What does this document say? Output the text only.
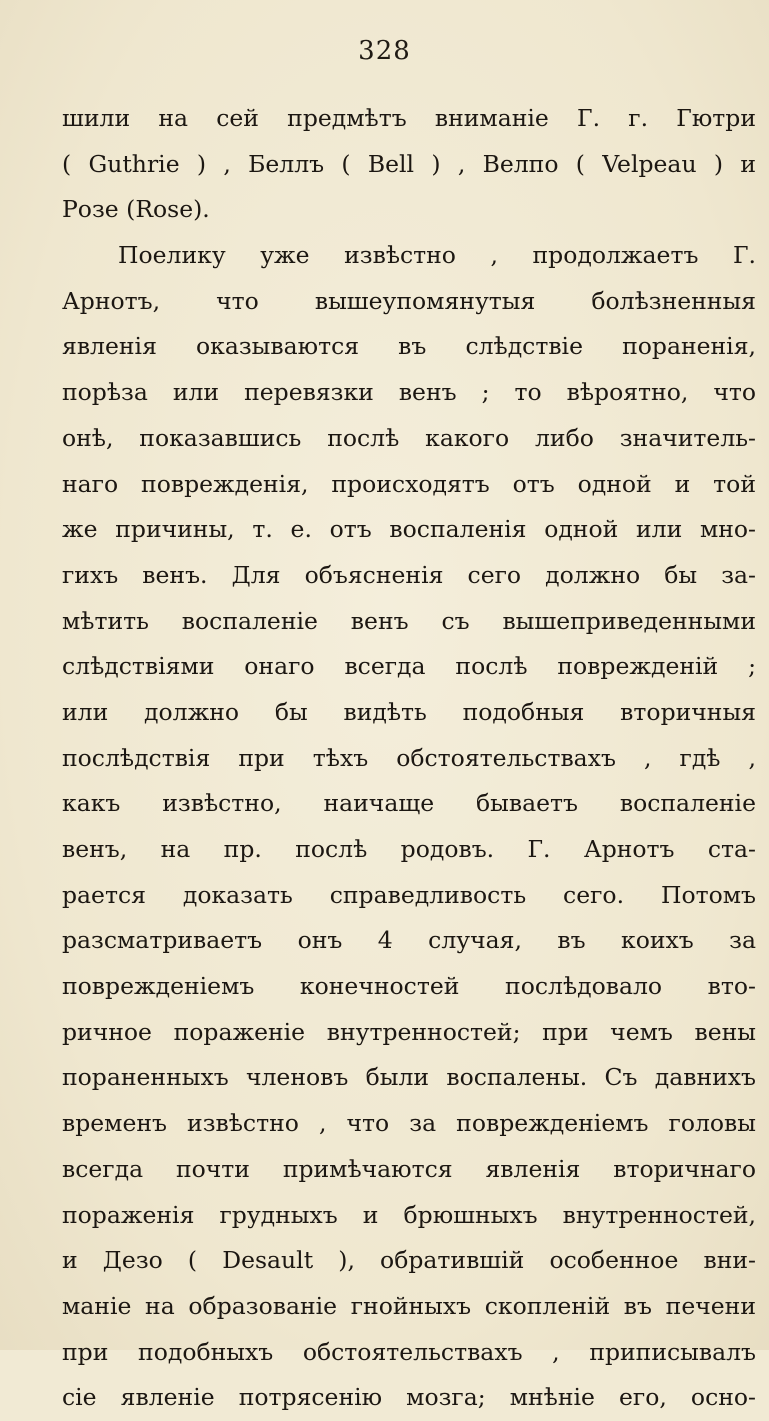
328
шили на сей предмѣтъ вниманіе Г. г. Гютри
( Guthrie ) , Беллъ ( Bell ) , Велпо ( Velpeau ) и
Розе (Rose).
Поелику уже извѣстно , продолжаетъ Г.
Арнотъ, что вышеупомянутыя болѣзненныя
явленія оказываются въ слѣдствіе пораненія,
порѣза или перевязки венъ ; то вѣроятно, что
онѣ, показавшись послѣ какого либо значитель-
наго поврежденія, происходятъ отъ одной и той
же причины, т. е. отъ воспаленія одной или мно-
гихъ венъ. Для объясненія сего должно бы за-
мѣтить воспаленіе венъ съ вышеприведенными
слѣдствіями онаго всегда послѣ поврежденій ;
или должно бы видѣть подобныя вторичныя
послѣдствія при тѣхъ обстоятельствахъ , гдѣ ,
какъ извѣстно, наичаще бываетъ воспаленіе
венъ, на пр. послѣ родовъ. Г. Арнотъ ста-
рается доказать справедливость сего. Потомъ
разсматриваетъ онъ 4 случая, въ коихъ за
поврежденіемъ конечностей послѣдовало вто-
ричное пораженіе внутренностей; при чемъ вены
пораненныхъ членовъ были воспалены. Съ давнихъ
временъ извѣстно , что за поврежденіемъ головы
всегда почти примѣчаются явленія вторичнаго
пораженія грудныхъ и брюшныхъ внутренностей,
и Дезо ( Desault ), обратившій особенное вни-
маніе на образованіе гнойныхъ скопленій въ печени
при подобныхъ обстоятельствахъ , приписывалъ
сіе явленіе потрясенію мозга; мнѣніе его, осно-
